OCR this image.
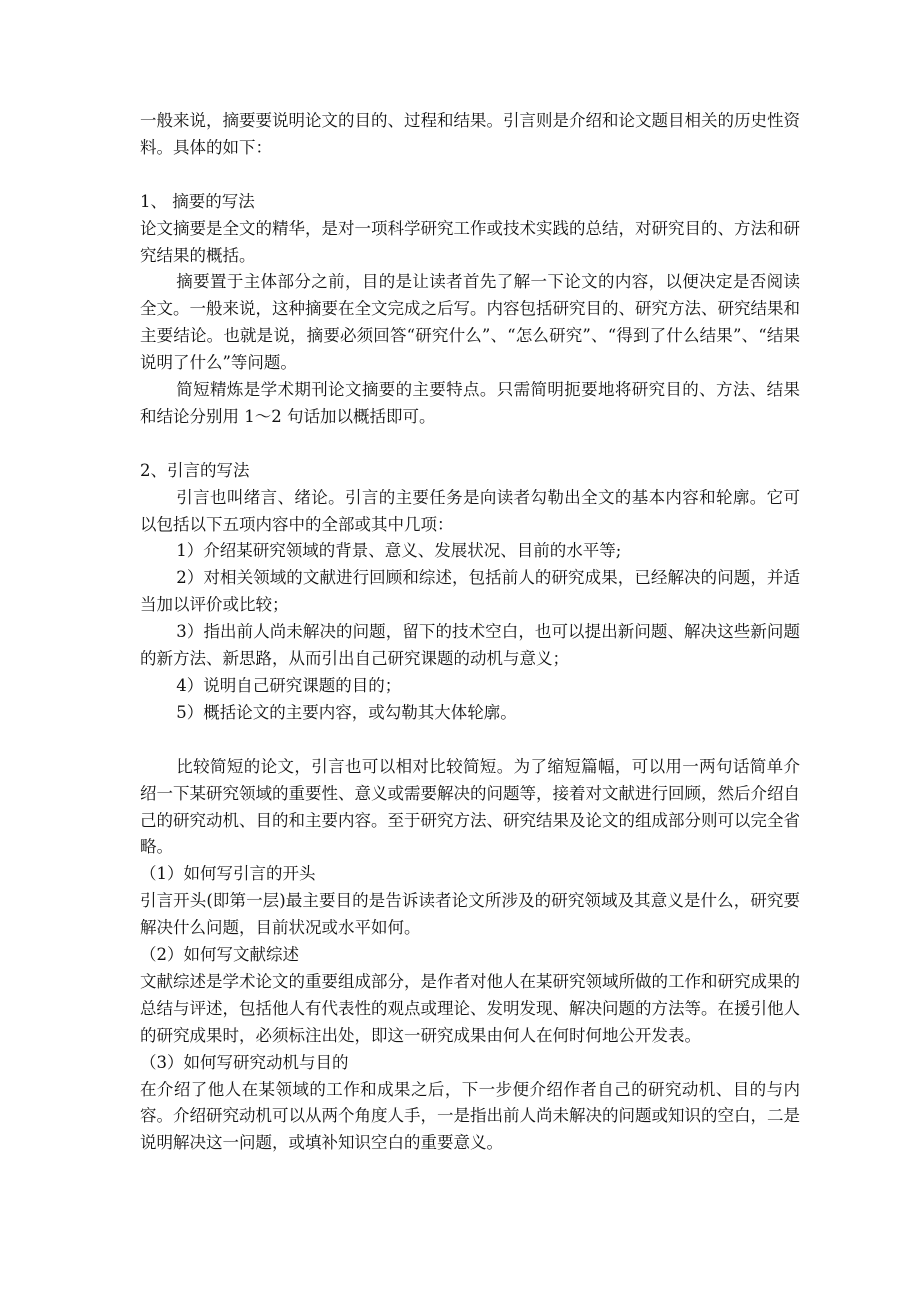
一般来说，摘要要说明论文的目的、过程和结果。引言则是介绍和论文题目相关的历史性资料。具体的如下：

1、 摘要的写法

论文摘要是全文的精华，是对一项科学研究工作或技术实践的总结，对研究目的、方法和研究结果的概括。

摘要置于主体部分之前，目的是让读者首先了解一下论文的内容，以便决定是否阅读全文。一般来说，这种摘要在全文完成之后写。内容包括研究目的、研究方法、研究结果和主要结论。也就是说，摘要必须回答“研究什么”、“怎么研究”、“得到了什么结果”、“结果说明了什么”等问题。

简短精炼是学术期刊论文摘要的主要特点。只需简明扼要地将研究目的、方法、结果和结论分别用 1～2 句话加以概括即可。

2、引言的写法

引言也叫绪言、绪论。引言的主要任务是向读者勾勒出全文的基本内容和轮廓。它可以包括以下五项内容中的全部或其中几项：

1）介绍某研究领域的背景、意义、发展状况、目前的水平等;

2）对相关领域的文献进行回顾和综述，包括前人的研究成果，已经解决的问题，并适当加以评价或比较；

3）指出前人尚未解决的问题，留下的技术空白，也可以提出新问题、解决这些新问题的新方法、新思路，从而引出自己研究课题的动机与意义；

4）说明自己研究课题的目的；

5）概括论文的主要内容，或勾勒其大体轮廓。

比较简短的论文，引言也可以相对比较简短。为了缩短篇幅，可以用一两句话简单介绍一下某研究领域的重要性、意义或需要解决的问题等，接着对文献进行回顾，然后介绍自己的研究动机、目的和主要内容。至于研究方法、研究结果及论文的组成部分则可以完全省略。

（1）如何写引言的开头

引言开头(即第一层)最主要目的是告诉读者论文所涉及的研究领域及其意义是什么，研究要解决什么问题，目前状况或水平如何。

（2）如何写文献综述

文献综述是学术论文的重要组成部分，是作者对他人在某研究领域所做的工作和研究成果的总结与评述，包括他人有代表性的观点或理论、发明发现、解决问题的方法等。在援引他人的研究成果时，必须标注出处，即这一研究成果由何人在何时何地公开发表。

（3）如何写研究动机与目的

在介绍了他人在某领域的工作和成果之后，下一步便介绍作者自己的研究动机、目的与内容。介绍研究动机可以从两个角度人手，一是指出前人尚未解决的问题或知识的空白，二是说明解决这一问题，或填补知识空白的重要意义。
